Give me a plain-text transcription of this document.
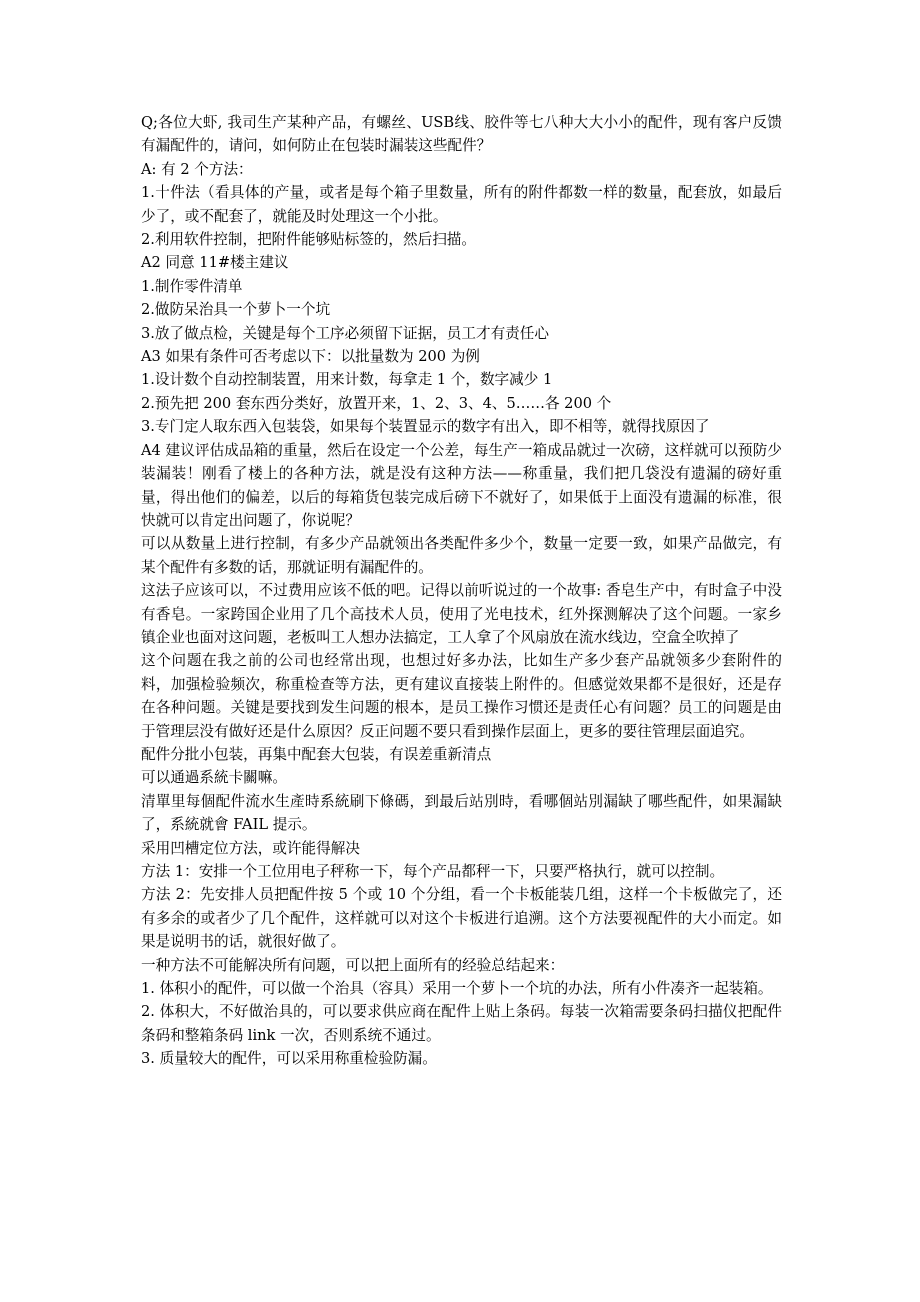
Q;各位大虾, 我司生产某种产品，有螺丝、USB线、胶件等七八种大大小小的配件，现有客户反馈有漏配件的，请问，如何防止在包装时漏装这些配件？

A: 有 2 个方法：

1.十件法（看具体的产量，或者是每个箱子里数量，所有的附件都数一样的数量，配套放，如最后少了，或不配套了，就能及时处理这一个小批。

2.利用软件控制，把附件能够贴标签的，然后扫描。

A2 同意 11#楼主建议

1.制作零件清单

2.做防呆治具一个萝卜一个坑

3.放了做点检，关键是每个工序必须留下证据，员工才有责任心

A3 如果有条件可否考虑以下：以批量数为 200 为例

1.设计数个自动控制装置，用来计数，每拿走 1 个，数字减少 1

2.预先把 200 套东西分类好，放置开来，1、2、3、4、5……各 200 个

3.专门定人取东西入包装袋，如果每个装置显示的数字有出入，即不相等，就得找原因了

A4 建议评估成品箱的重量，然后在设定一个公差，每生产一箱成品就过一次磅，这样就可以预防少装漏装！刚看了楼上的各种方法，就是没有这种方法——称重量，我们把几袋没有遗漏的磅好重量，得出他们的偏差，以后的每箱货包装完成后磅下不就好了，如果低于上面没有遗漏的标准，很快就可以肯定出问题了，你说呢？

可以从数量上进行控制，有多少产品就领出各类配件多少个，数量一定要一致，如果产品做完，有某个配件有多数的话，那就证明有漏配件的。

这法子应该可以，不过费用应该不低的吧。记得以前听说过的一个故事: 香皂生产中，有时盒子中没有香皂。一家跨国企业用了几个高技术人员，使用了光电技术，红外探测解决了这个问题。一家乡镇企业也面对这问题，老板叫工人想办法搞定，工人拿了个风扇放在流水线边，空盒全吹掉了

这个问题在我之前的公司也经常出现，也想过好多办法，比如生产多少套产品就领多少套附件的料，加强检验频次，称重检查等方法，更有建议直接装上附件的。但感觉效果都不是很好，还是存在各种问题。关键是要找到发生问题的根本，是员工操作习惯还是责任心有问题？员工的问题是由于管理层没有做好还是什么原因？反正问题不要只看到操作层面上，更多的要往管理层面追究。

配件分批小包装，再集中配套大包装，有误差重新清点

可以通過系統卡關嘛。

清單里每個配件流水生產時系統刷下條碼，到最后站別時，看哪個站別漏缺了哪些配件，如果漏缺了，系統就會 FAIL 提示。

采用凹槽定位方法，或许能得解决

方法 1：安排一个工位用电子秤称一下，每个产品都秤一下，只要严格执行，就可以控制。

方法 2：先安排人员把配件按 5 个或 10 个分组，看一个卡板能装几组，这样一个卡板做完了，还有多余的或者少了几个配件，这样就可以对这个卡板进行追溯。这个方法要视配件的大小而定。如果是说明书的话，就很好做了。

一种方法不可能解决所有问题，可以把上面所有的经验总结起来：

1. 体积小的配件，可以做一个治具（容具）采用一个萝卜一个坑的办法，所有小件凑齐一起装箱。

2. 体积大，不好做治具的，可以要求供应商在配件上贴上条码。每装一次箱需要条码扫描仪把配件条码和整箱条码 link 一次，否则系统不通过。

3. 质量较大的配件，可以采用称重检验防漏。
